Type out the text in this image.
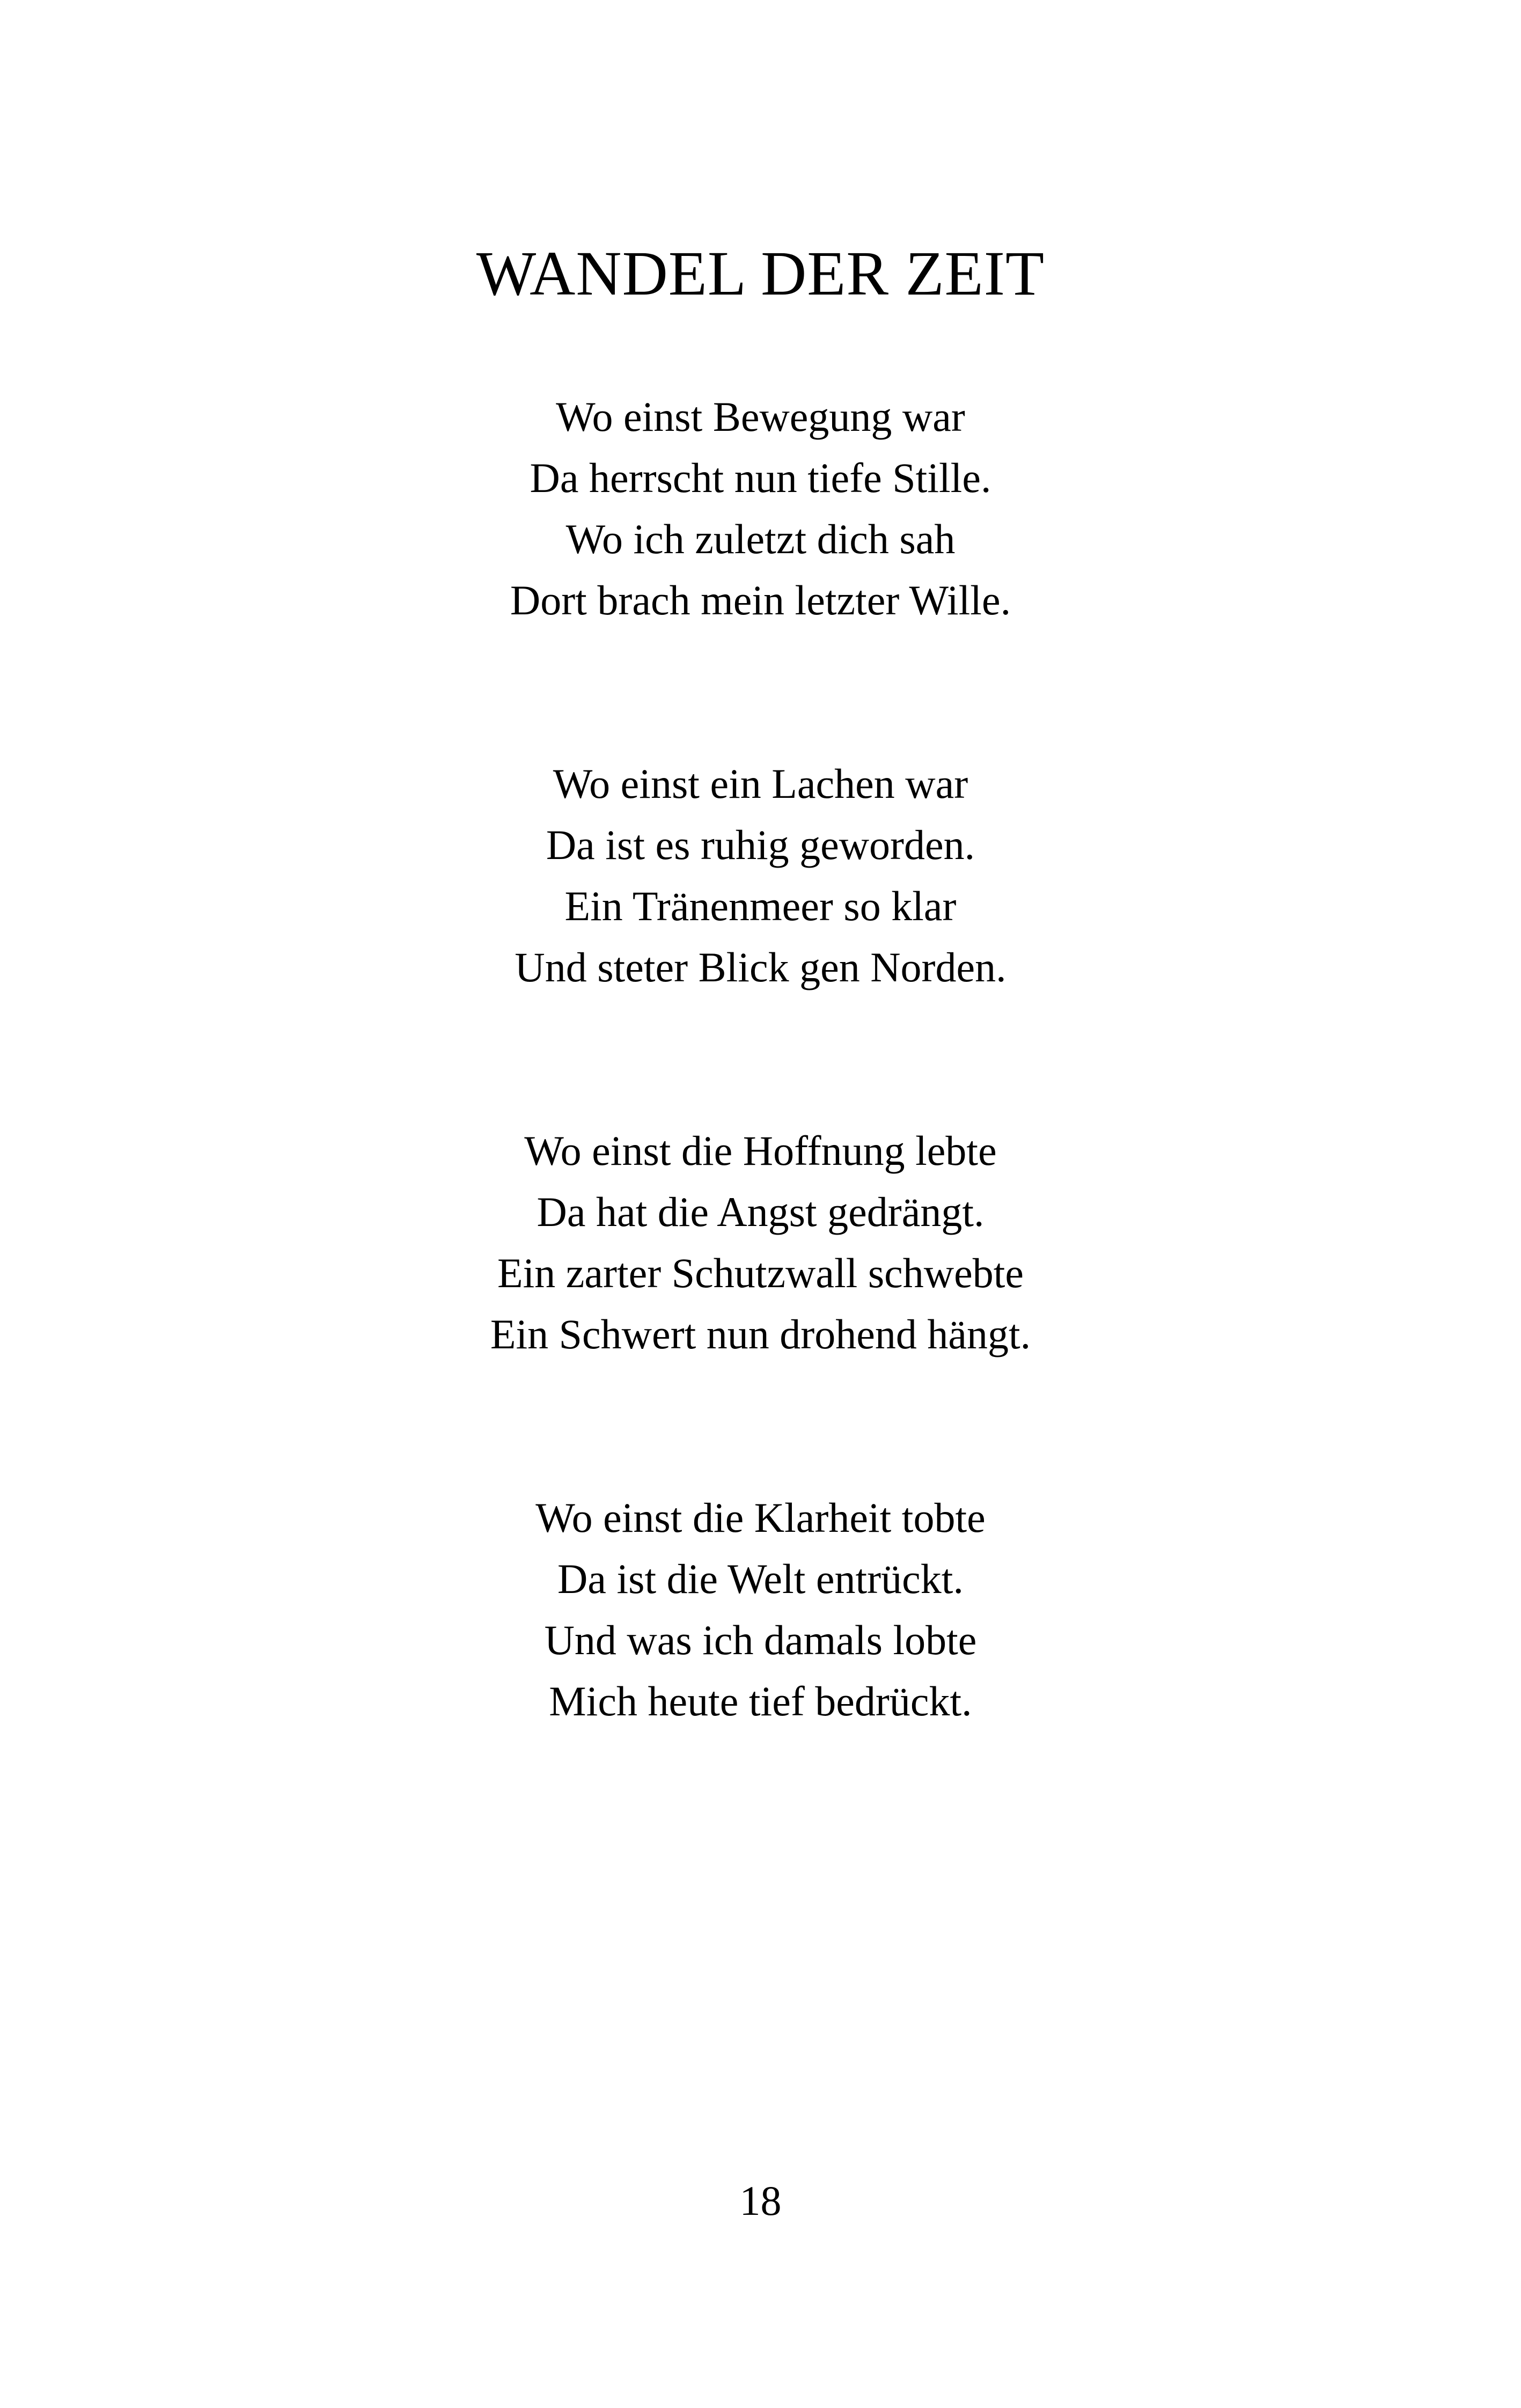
WANDEL DER ZEIT
Wo einst Bewegung war
Da herrscht nun tiefe Stille.
Wo ich zuletzt dich sah
Dort brach mein letzter Wille.
Wo einst ein Lachen war
Da ist es ruhig geworden.
Ein Tränenmeer so klar
Und steter Blick gen Norden.
Wo einst die Hoffnung lebte
Da hat die Angst gedrängt.
Ein zarter Schutzwall schwebte
Ein Schwert nun drohend hängt.
Wo einst die Klarheit tobte
Da ist die Welt entrückt.
Und was ich damals lobte
Mich heute tief bedrückt.
18
